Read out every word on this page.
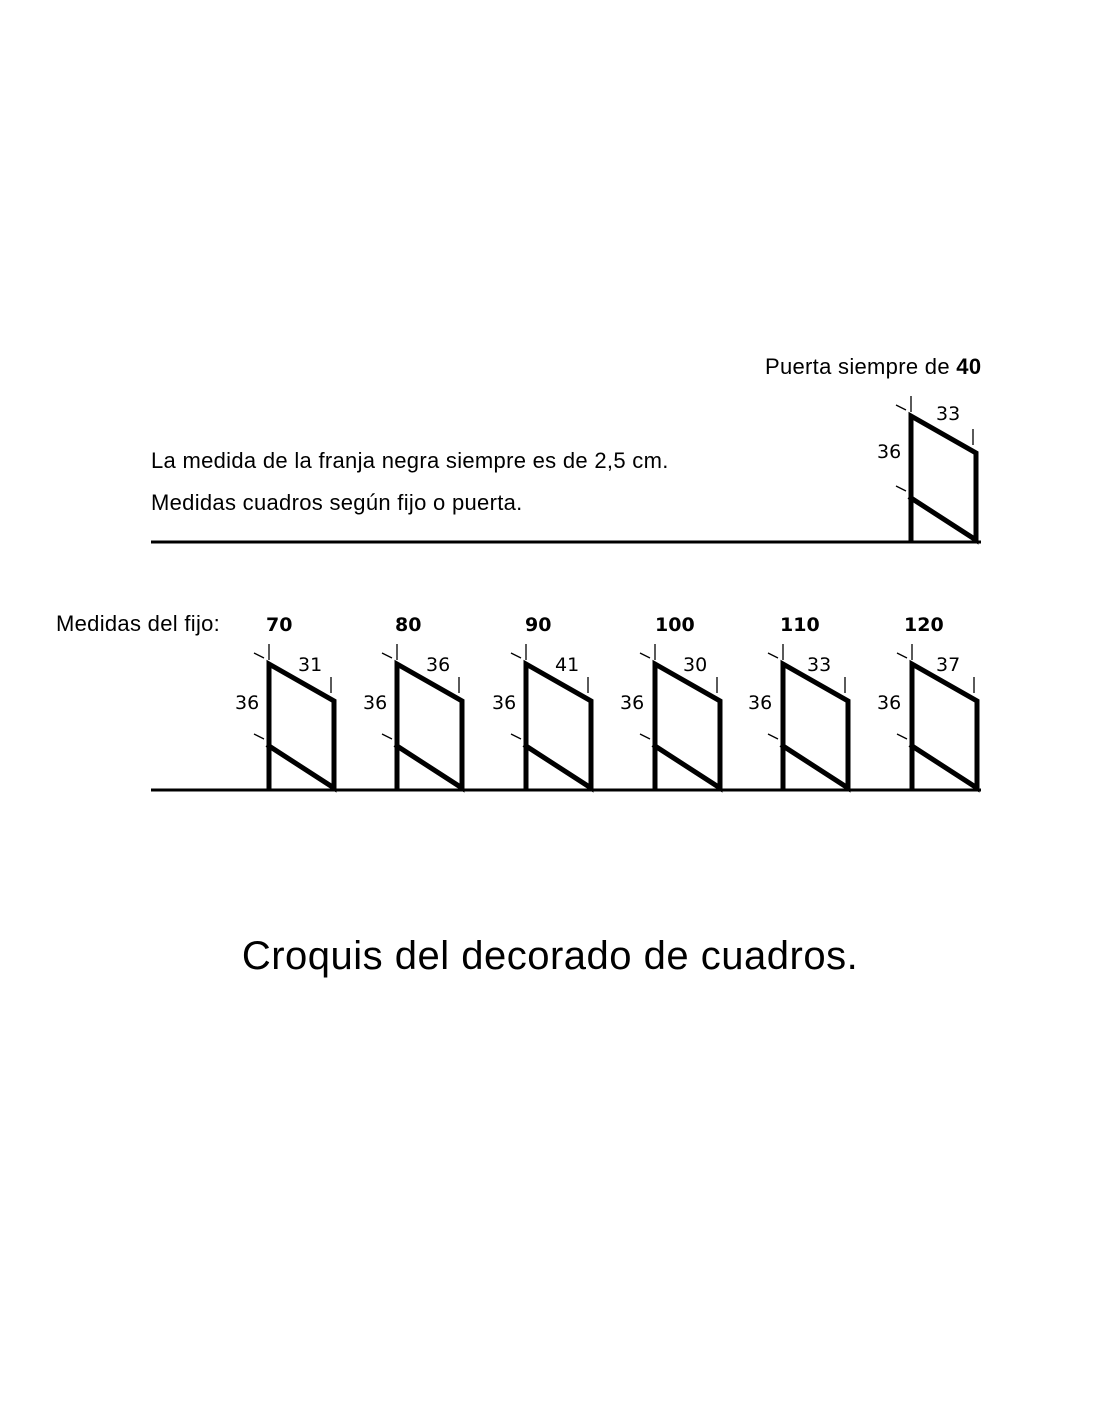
Puerta siempre de 40
33
36
La medida de la franja negra siempre es de 2,5 cm.
Medidas cuadros según fijo o puerta.
Medidas del fijo: 70	80	90	100	110	120
31	36	41	30	33	37
36	36	36	36	36	36
Croquis del decorado de cuadros.
